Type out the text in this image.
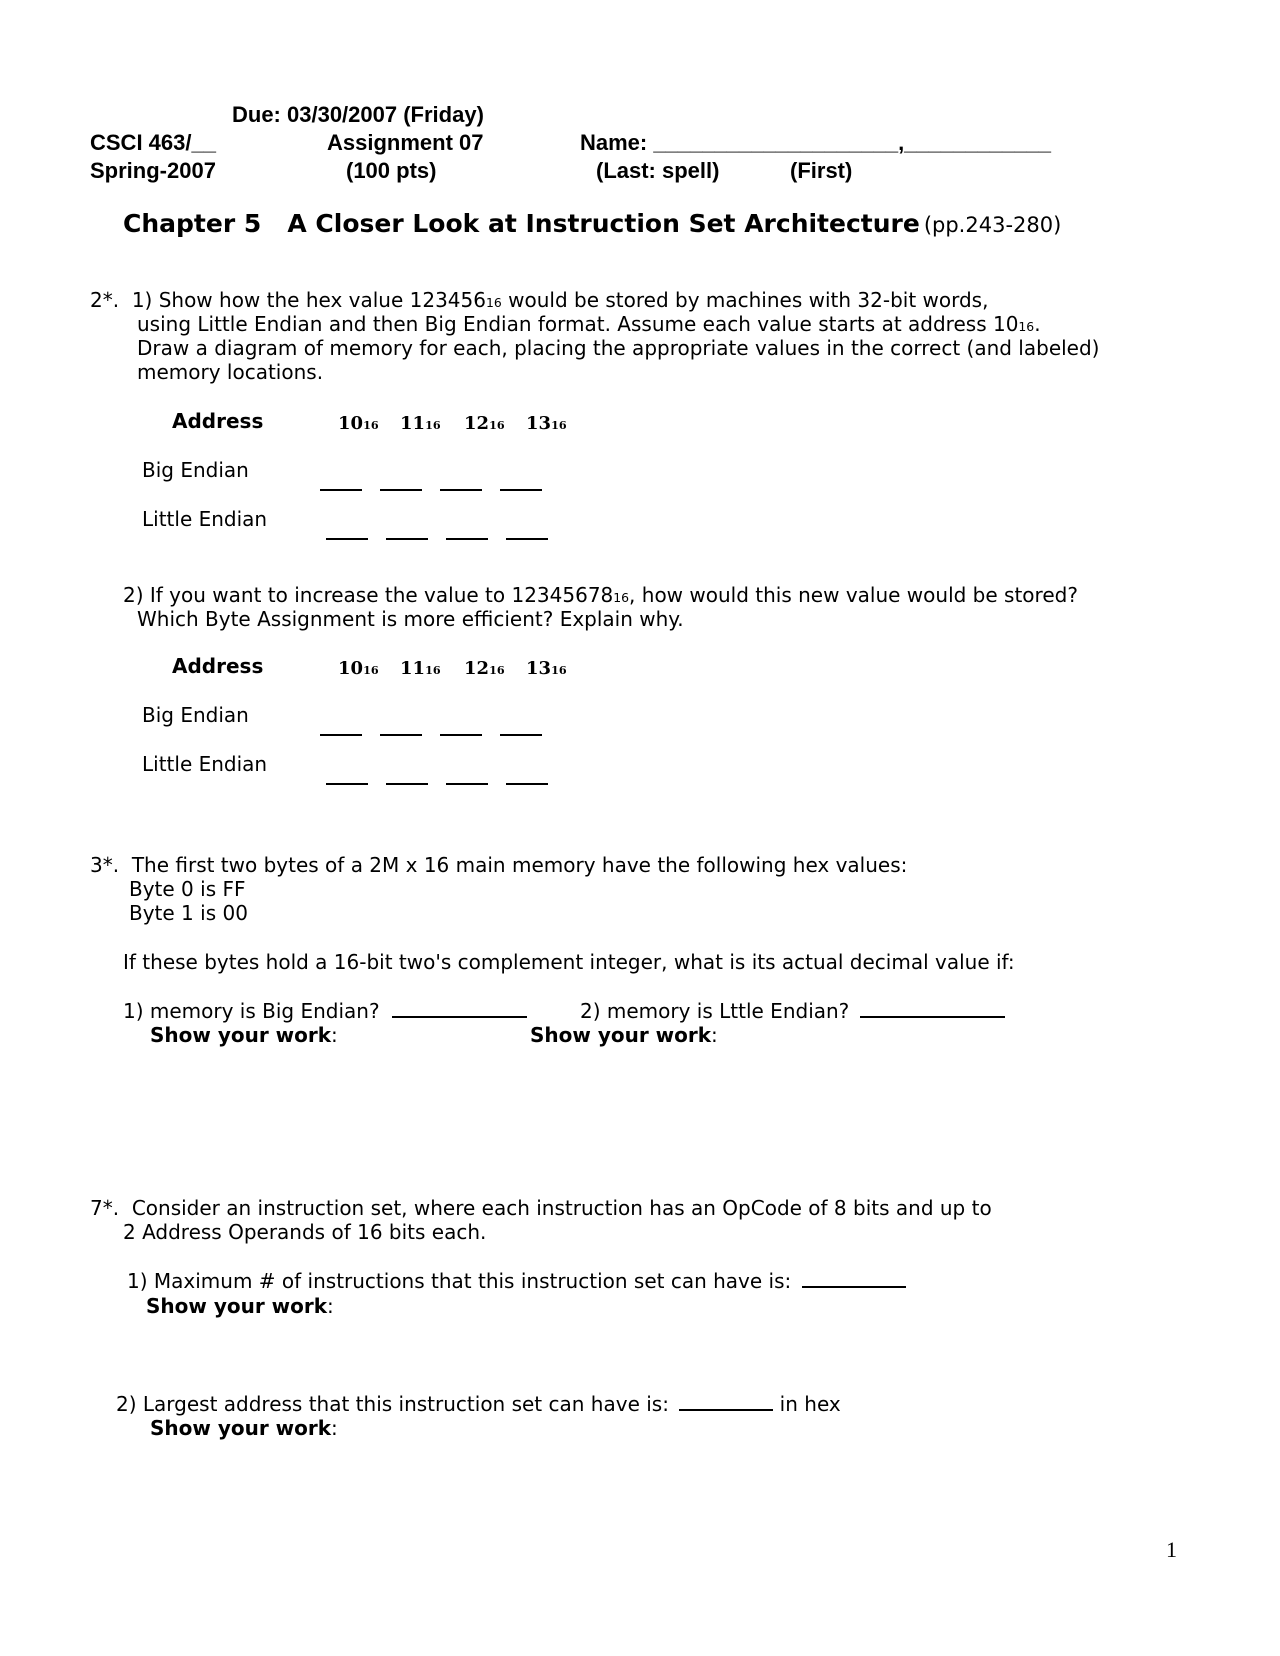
Due: 03/30/2007 (Friday)
CSCI 463/__	Assignment 07	Name: ____________________,____________
Spring-2007	(100 pts)	(Last: spell)	(First)
Chapter 5   A Closer Look at Instruction Set Architecture (pp.243-280)
2*. 1) Show how the hex value 12345616 would be stored by machines with 32-bit words,
using Little Endian and then Big Endian format. Assume each value starts at address 1016.
Draw a diagram of memory for each, placing the appropriate values in the correct (and labeled)
memory locations.
Address	1016 1116 1216 1316
Big Endian
Little Endian
2) If you want to increase the value to 1234567816, how would this new value would be stored?
Which Byte Assignment is more efficient? Explain why.
Address	1016 1116 1216 1316
Big Endian
Little Endian
3*. The first two bytes of a 2M x 16 main memory have the following hex values:
Byte 0 is FF
Byte 1 is 00
If these bytes hold a 16-bit two's complement integer, what is its actual decimal value if:
1) memory is Big Endian?	2) memory is Lttle Endian?
Show your work:	Show your work:
7*. Consider an instruction set, where each instruction has an OpCode of 8 bits and up to
2 Address Operands of 16 bits each.
1) Maximum # of instructions that this instruction set can have is:
Show your work:
2) Largest address that this instruction set can have is:	in hex
Show your work:
1
